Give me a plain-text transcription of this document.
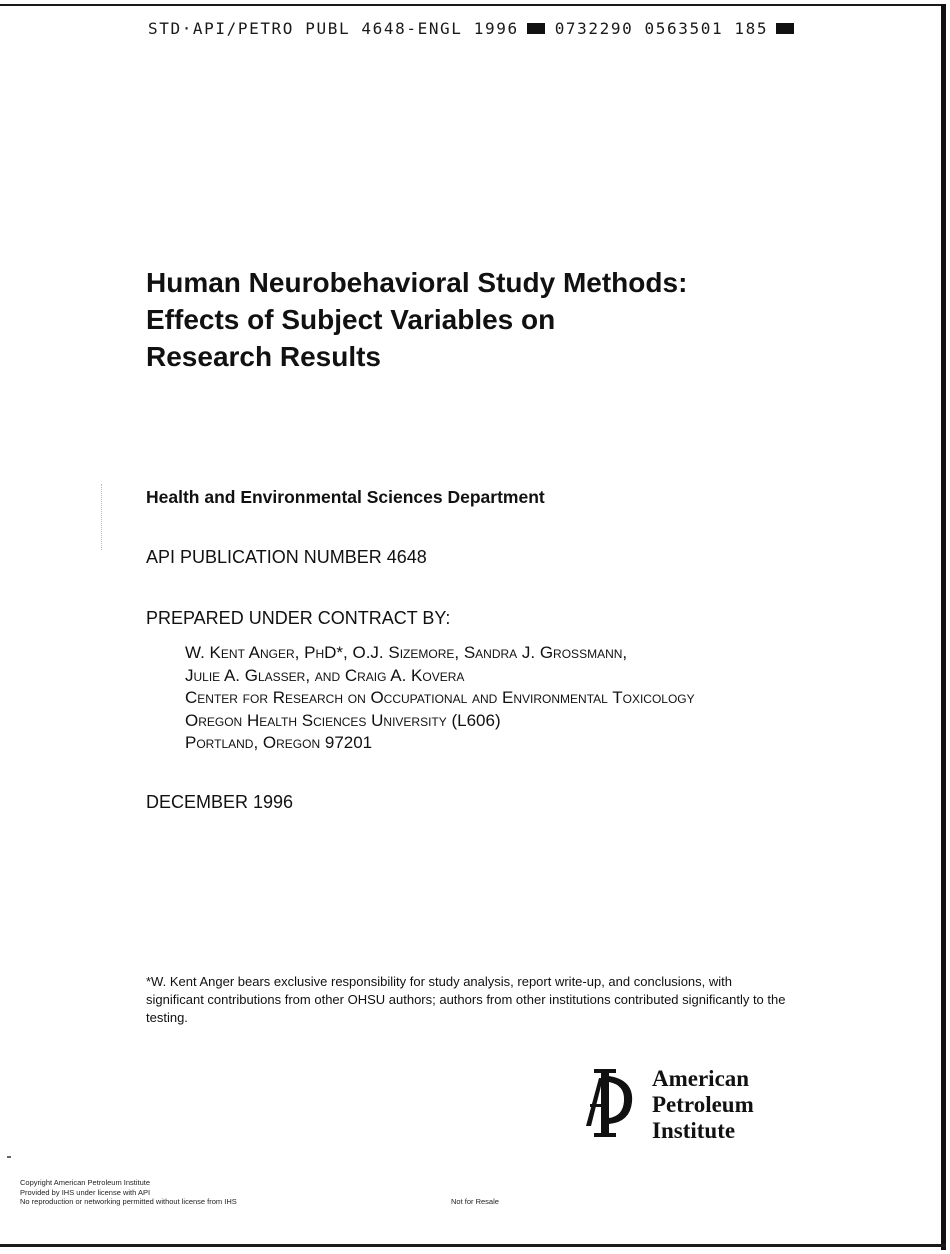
STD·API/PETRO PUBL 4648-ENGL 1996 0732290 0563501 185
Human Neurobehavioral Study Methods:
Effects of Subject Variables on
Research Results
Health and Environmental Sciences Department
API PUBLICATION NUMBER 4648
PREPARED UNDER CONTRACT BY:
W. Kent Anger, PhD*, O.J. Sizemore, Sandra J. Grossmann,
Julie A. Glasser, and Craig A. Kovera
Center for Research on Occupational and Environmental Toxicology
Oregon Health Sciences University (L606)
Portland, Oregon 97201
DECEMBER 1996
*W. Kent Anger bears exclusive responsibility for study analysis, report write-up, and conclusions, with significant contributions from other OHSU authors; authors from other institutions contributed significantly to the testing.
American
Petroleum
Institute
Copyright American Petroleum Institute
Provided by IHS under license with API
No reproduction or networking permitted without license from IHS	Not for Resale
